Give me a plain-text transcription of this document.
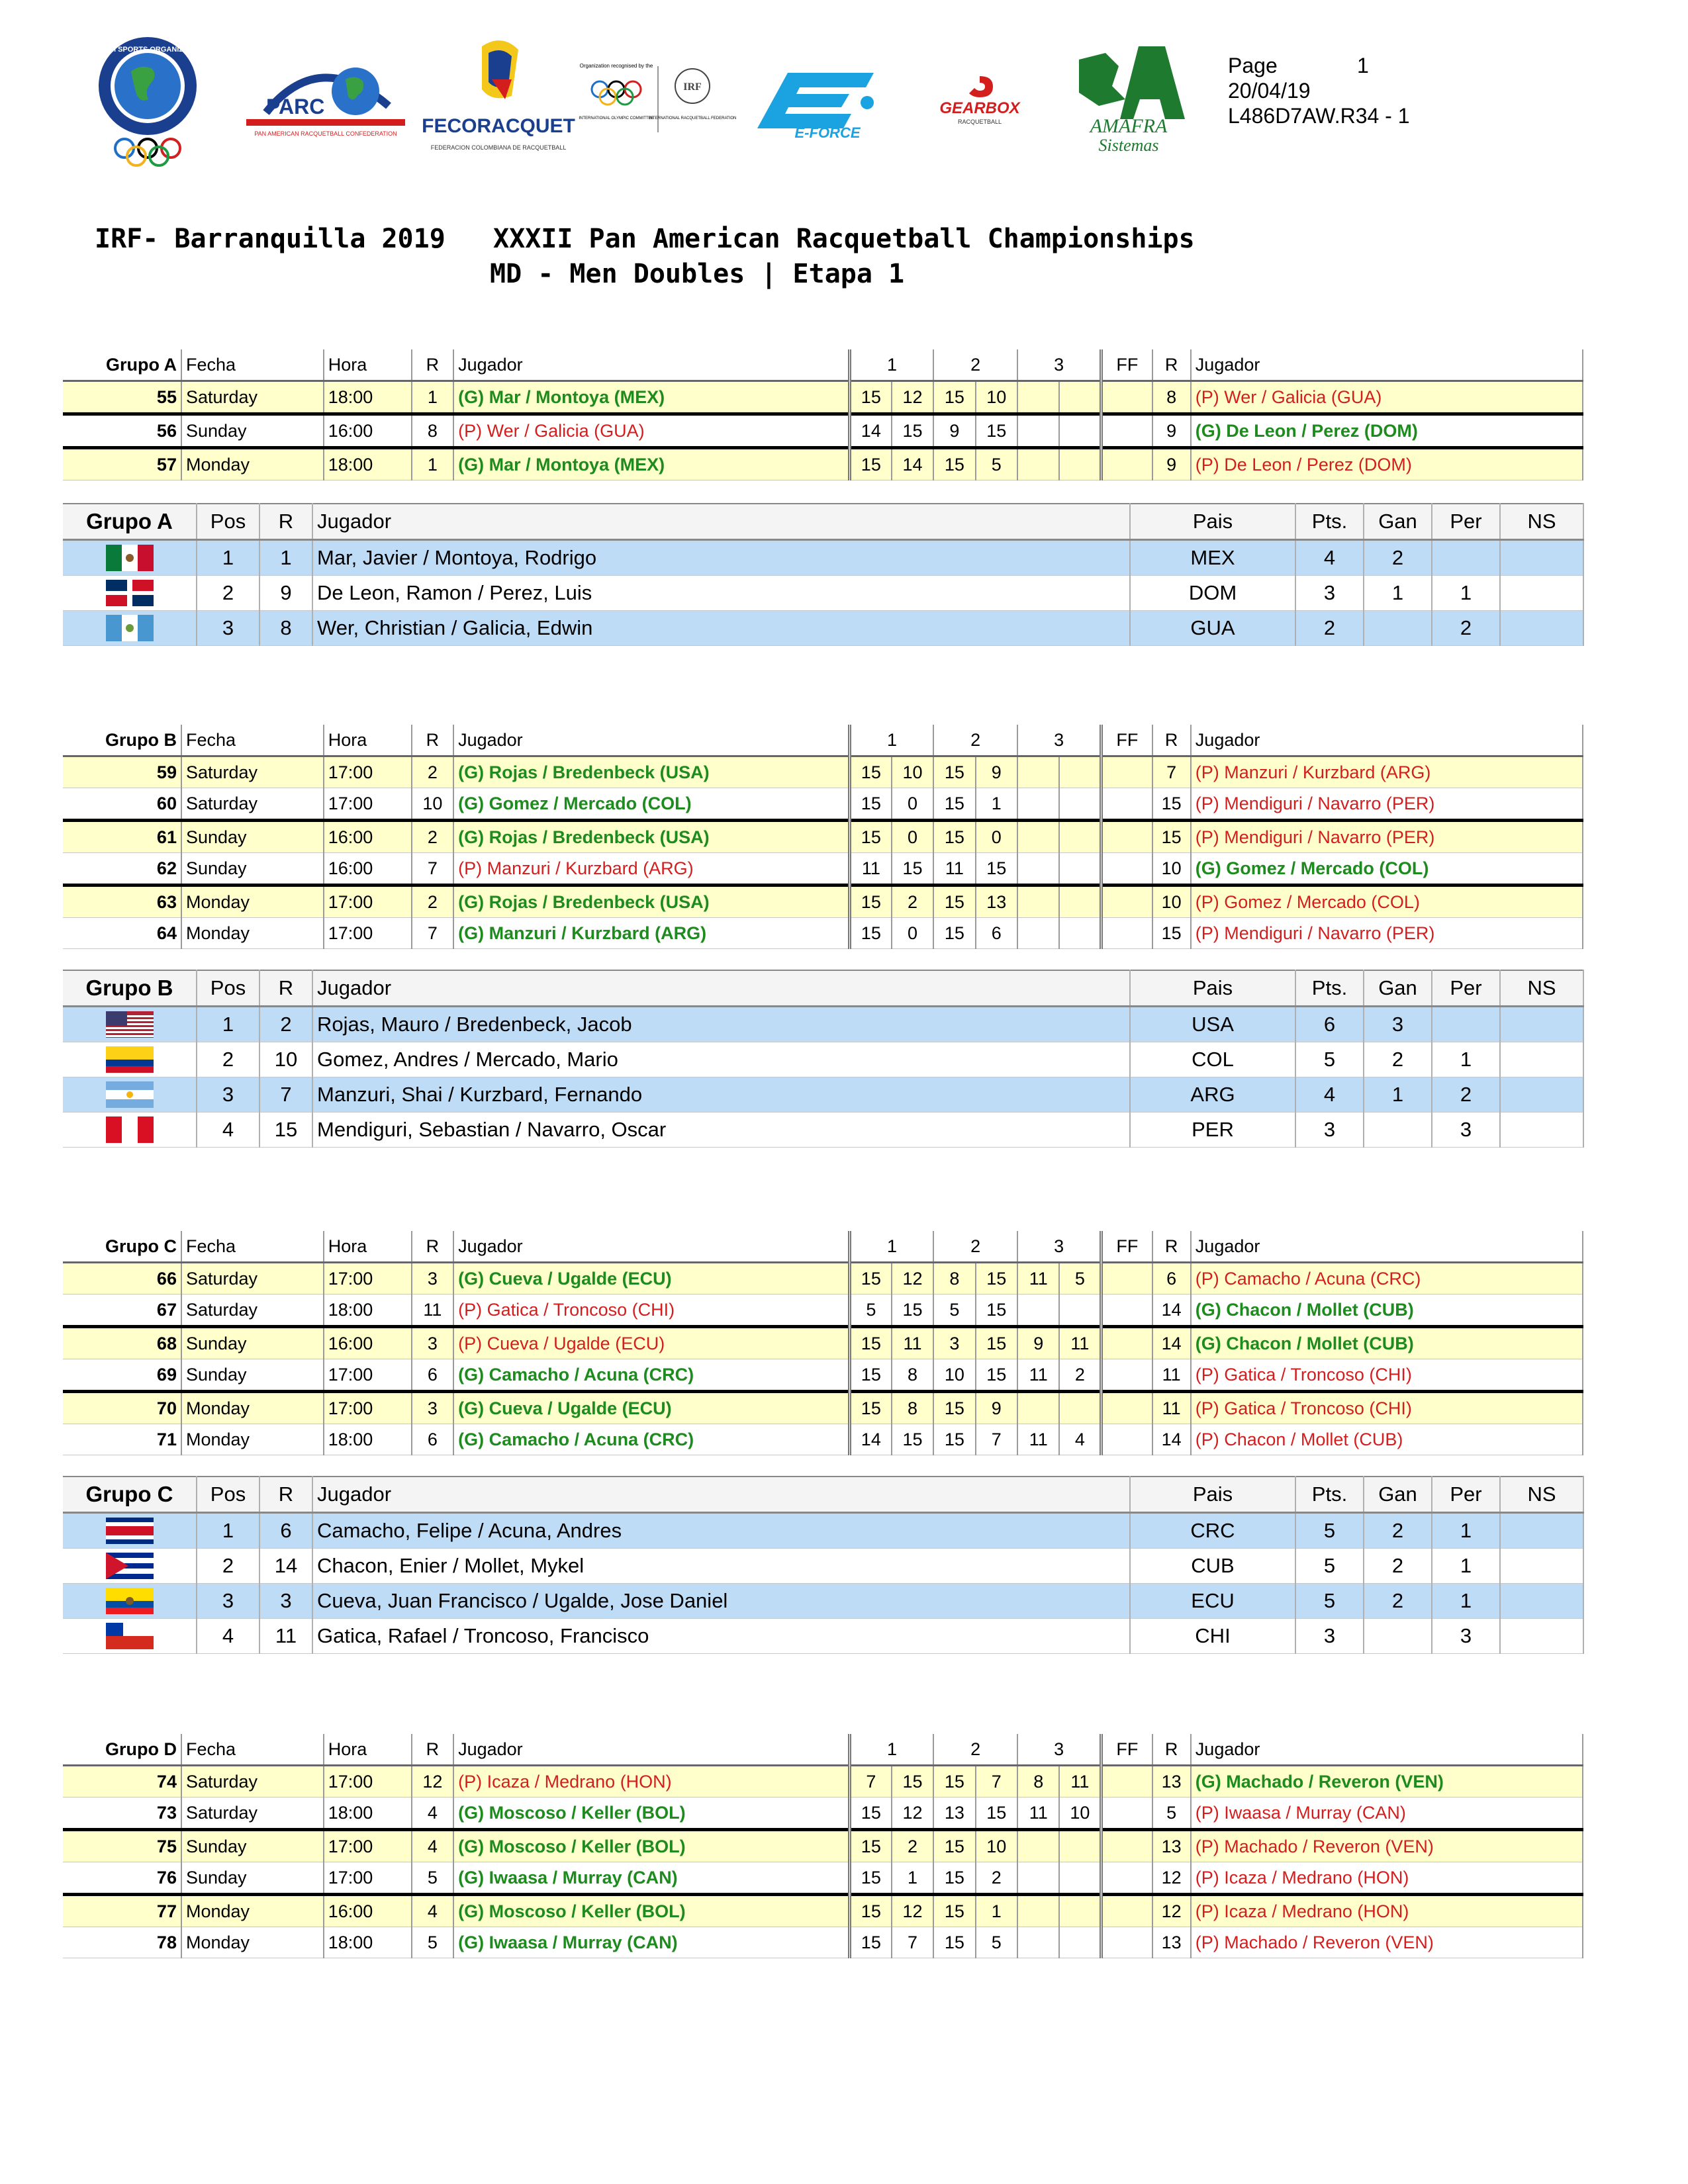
PANAM SPORTS ORGANIZATION
PARC
PAN AMERICAN RACQUETBALL CONFEDERATION FECORACQUET
FEDERACION COLOMBIANA DE RACQUETBALL
Organization recognised by the
IRF
INTERNATIONAL OLYMPIC COMMITTEE
INTERNATIONAL RACQUETBALL FEDERATION
E-FORCE
GEARBOX
RACQUETBALL	AMAFRA
Sistemas
Page	1
20/04/19
L486D7AW.R34 - 1

IRF- Barranquilla 2019   XXXII Pan American Racquetball Championships

MD - Men Doubles | Etapa 1

Grupo A	Fecha	Hora	R	Jugador	1		2		3		FF	R	Jugador
55	Saturday	18:00	1	(G) Mar / Montoya (MEX)	15	12	15	10				8	(P) Wer / Galicia (GUA)
56	Sunday	16:00	8	(P) Wer / Galicia (GUA)	14	15	9	15				9	(G) De Leon / Perez (DOM)
57	Monday	18:00	1	(G) Mar / Montoya (MEX)	15	14	15	5				9	(P) De Leon / Perez (DOM)
Grupo A	Pos	R	Jugador	Pais	Pts.	Gan	Per	NS
	1	1	Mar, Javier / Montoya, Rodrigo	MEX	4	2		
	2	9	De Leon, Ramon / Perez, Luis	DOM	3	1	1	
	3	8	Wer, Christian / Galicia, Edwin	GUA	2		2	
Grupo B	Fecha	Hora	R	Jugador	1		2		3		FF	R	Jugador
59	Saturday	17:00	2	(G) Rojas / Bredenbeck (USA)	15	10	15	9				7	(P) Manzuri / Kurzbard (ARG)
60	Saturday	17:00	10	(G) Gomez / Mercado (COL)	15	0	15	1				15	(P) Mendiguri / Navarro (PER)
61	Sunday	16:00	2	(G) Rojas / Bredenbeck (USA)	15	0	15	0				15	(P) Mendiguri / Navarro (PER)
62	Sunday	16:00	7	(P) Manzuri / Kurzbard (ARG)	11	15	11	15				10	(G) Gomez / Mercado (COL)
63	Monday	17:00	2	(G) Rojas / Bredenbeck (USA)	15	2	15	13				10	(P) Gomez / Mercado (COL)
64	Monday	17:00	7	(G) Manzuri / Kurzbard (ARG)	15	0	15	6				15	(P) Mendiguri / Navarro (PER)
Grupo B	Pos	R	Jugador	Pais	Pts.	Gan	Per	NS
	1	2	Rojas, Mauro / Bredenbeck, Jacob	USA	6	3		
	2	10	Gomez, Andres / Mercado, Mario	COL	5	2	1	
	3	7	Manzuri, Shai / Kurzbard, Fernando	ARG	4	1	2	
	4	15	Mendiguri, Sebastian / Navarro, Oscar	PER	3		3	
Grupo C	Fecha	Hora	R	Jugador	1		2		3		FF	R	Jugador
66	Saturday	17:00	3	(G) Cueva / Ugalde (ECU)	15	12	8	15	11	5		6	(P) Camacho / Acuna (CRC)
67	Saturday	18:00	11	(P) Gatica / Troncoso (CHI)	5	15	5	15				14	(G) Chacon / Mollet (CUB)
68	Sunday	16:00	3	(P) Cueva / Ugalde (ECU)	15	11	3	15	9	11		14	(G) Chacon / Mollet (CUB)
69	Sunday	17:00	6	(G) Camacho / Acuna (CRC)	15	8	10	15	11	2		11	(P) Gatica / Troncoso (CHI)
70	Monday	17:00	3	(G) Cueva / Ugalde (ECU)	15	8	15	9				11	(P) Gatica / Troncoso (CHI)
71	Monday	18:00	6	(G) Camacho / Acuna (CRC)	14	15	15	7	11	4		14	(P) Chacon / Mollet (CUB)
Grupo C	Pos	R	Jugador	Pais	Pts.	Gan	Per	NS
	1	6	Camacho, Felipe / Acuna, Andres	CRC	5	2	1	
	2	14	Chacon, Enier / Mollet, Mykel	CUB	5	2	1	
	3	3	Cueva, Juan Francisco / Ugalde, Jose Daniel	ECU	5	2	1	
	4	11	Gatica, Rafael / Troncoso, Francisco	CHI	3		3	
Grupo D	Fecha	Hora	R	Jugador	1		2		3		FF	R	Jugador
74	Saturday	17:00	12	(P) Icaza / Medrano (HON)	7	15	15	7	8	11		13	(G) Machado / Reveron (VEN)
73	Saturday	18:00	4	(G) Moscoso / Keller (BOL)	15	12	13	15	11	10		5	(P) Iwaasa / Murray (CAN)
75	Sunday	17:00	4	(G) Moscoso / Keller (BOL)	15	2	15	10				13	(P) Machado / Reveron (VEN)
76	Sunday	17:00	5	(G) Iwaasa / Murray (CAN)	15	1	15	2				12	(P) Icaza / Medrano (HON)
77	Monday	16:00	4	(G) Moscoso / Keller (BOL)	15	12	15	1				12	(P) Icaza / Medrano (HON)
78	Monday	18:00	5	(G) Iwaasa / Murray (CAN)	15	7	15	5				13	(P) Machado / Reveron (VEN)
